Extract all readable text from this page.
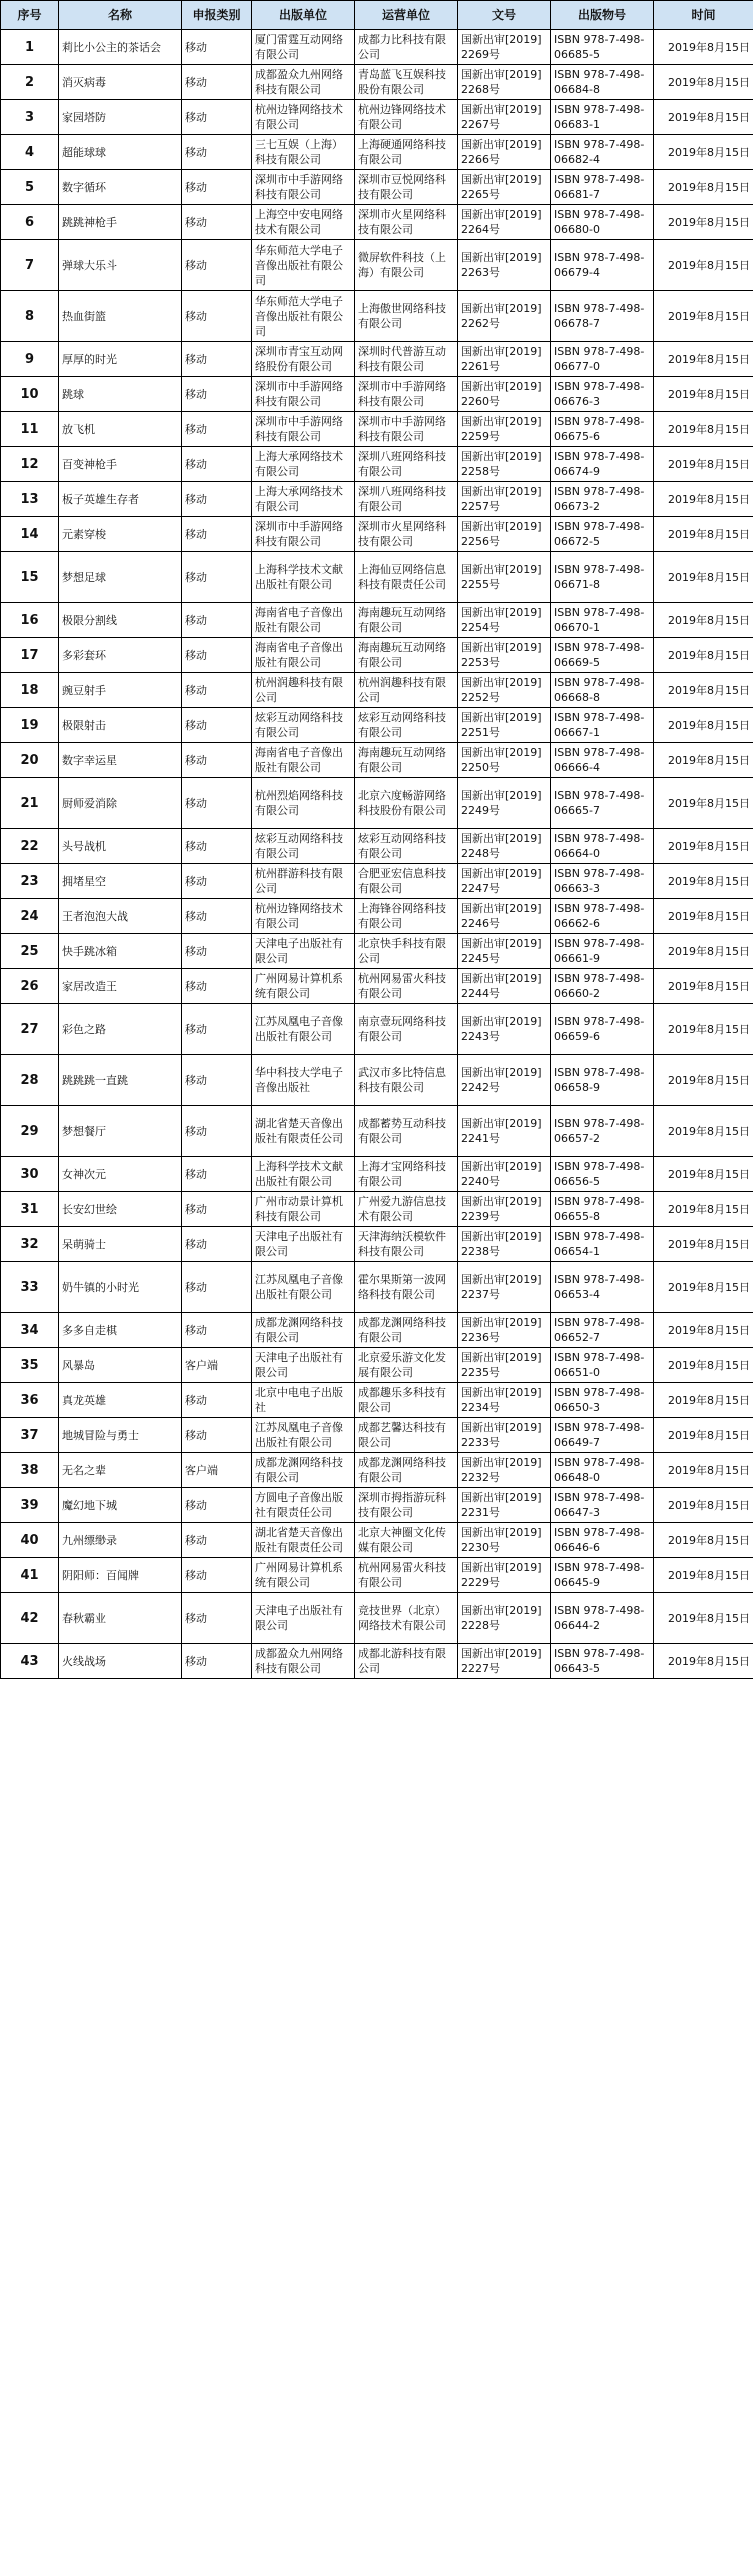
序号	名称	申报类别	出版单位	运营单位	文号	出版物号	时间
1	莉比小公主的茶话会	移动	厦门雷霆互动网络有限公司	成都力比科技有限公司	国新出审[2019]2269号	ISBN 978-7-498-06685-5	2019年8月15日
2	消灭病毒	移动	成都盈众九州网络科技有限公司	青岛蓝飞互娱科技股份有限公司	国新出审[2019]2268号	ISBN 978-7-498-06684-8	2019年8月15日
3	家园塔防	移动	杭州边锋网络技术有限公司	杭州边锋网络技术有限公司	国新出审[2019]2267号	ISBN 978-7-498-06683-1	2019年8月15日
4	超能球球	移动	三七互娱（上海）科技有限公司	上海硬通网络科技有限公司	国新出审[2019]2266号	ISBN 978-7-498-06682-4	2019年8月15日
5	数字循环	移动	深圳市中手游网络科技有限公司	深圳市豆悦网络科技有限公司	国新出审[2019]2265号	ISBN 978-7-498-06681-7	2019年8月15日
6	跳跳神枪手	移动	上海空中安电网络技术有限公司	深圳市火星网络科技有限公司	国新出审[2019]2264号	ISBN 978-7-498-06680-0	2019年8月15日
7	弹球大乐斗	移动	华东师范大学电子音像出版社有限公司	微屏软件科技（上海）有限公司	国新出审[2019]2263号	ISBN 978-7-498-06679-4	2019年8月15日
8	热血街篮	移动	华东师范大学电子音像出版社有限公司	上海傲世网络科技有限公司	国新出审[2019]2262号	ISBN 978-7-498-06678-7	2019年8月15日
9	厚厚的时光	移动	深圳市青宝互动网络股份有限公司	深圳时代普游互动科技有限公司	国新出审[2019]2261号	ISBN 978-7-498-06677-0	2019年8月15日
10	跳球	移动	深圳市中手游网络科技有限公司	深圳市中手游网络科技有限公司	国新出审[2019]2260号	ISBN 978-7-498-06676-3	2019年8月15日
11	放飞机	移动	深圳市中手游网络科技有限公司	深圳市中手游网络科技有限公司	国新出审[2019]2259号	ISBN 978-7-498-06675-6	2019年8月15日
12	百变神枪手	移动	上海大承网络技术有限公司	深圳八班网络科技有限公司	国新出审[2019]2258号	ISBN 978-7-498-06674-9	2019年8月15日
13	板子英雄生存者	移动	上海大承网络技术有限公司	深圳八班网络科技有限公司	国新出审[2019]2257号	ISBN 978-7-498-06673-2	2019年8月15日
14	元素穿梭	移动	深圳市中手游网络科技有限公司	深圳市火星网络科技有限公司	国新出审[2019]2256号	ISBN 978-7-498-06672-5	2019年8月15日
15	梦想足球	移动	上海科学技术文献出版社有限公司	上海仙豆网络信息科技有限责任公司	国新出审[2019]2255号	ISBN 978-7-498-06671-8	2019年8月15日
16	极限分割线	移动	海南省电子音像出版社有限公司	海南趣玩互动网络有限公司	国新出审[2019]2254号	ISBN 978-7-498-06670-1	2019年8月15日
17	多彩套环	移动	海南省电子音像出版社有限公司	海南趣玩互动网络有限公司	国新出审[2019]2253号	ISBN 978-7-498-06669-5	2019年8月15日
18	豌豆射手	移动	杭州润趣科技有限公司	杭州润趣科技有限公司	国新出审[2019]2252号	ISBN 978-7-498-06668-8	2019年8月15日
19	极限射击	移动	炫彩互动网络科技有限公司	炫彩互动网络科技有限公司	国新出审[2019]2251号	ISBN 978-7-498-06667-1	2019年8月15日
20	数字幸运星	移动	海南省电子音像出版社有限公司	海南趣玩互动网络有限公司	国新出审[2019]2250号	ISBN 978-7-498-06666-4	2019年8月15日
21	厨师爱消除	移动	杭州烈焰网络科技有限公司	北京六度畅游网络科技股份有限公司	国新出审[2019]2249号	ISBN 978-7-498-06665-7	2019年8月15日
22	头号战机	移动	炫彩互动网络科技有限公司	炫彩互动网络科技有限公司	国新出审[2019]2248号	ISBN 978-7-498-06664-0	2019年8月15日
23	拥堵星空	移动	杭州群游科技有限公司	合肥亚宏信息科技有限公司	国新出审[2019]2247号	ISBN 978-7-498-06663-3	2019年8月15日
24	王者泡泡大战	移动	杭州边锋网络技术有限公司	上海锋谷网络科技有限公司	国新出审[2019]2246号	ISBN 978-7-498-06662-6	2019年8月15日
25	快手跳冰箱	移动	天津电子出版社有限公司	北京快手科技有限公司	国新出审[2019]2245号	ISBN 978-7-498-06661-9	2019年8月15日
26	家居改造王	移动	广州网易计算机系统有限公司	杭州网易雷火科技有限公司	国新出审[2019]2244号	ISBN 978-7-498-06660-2	2019年8月15日
27	彩色之路	移动	江苏凤凰电子音像出版社有限公司	南京壹玩网络科技有限公司	国新出审[2019]2243号	ISBN 978-7-498-06659-6	2019年8月15日
28	跳跳跳一直跳	移动	华中科技大学电子音像出版社	武汉市多比特信息科技有限公司	国新出审[2019]2242号	ISBN 978-7-498-06658-9	2019年8月15日
29	梦想餐厅	移动	湖北省楚天音像出版社有限责任公司	成都蓄势互动科技有限公司	国新出审[2019]2241号	ISBN 978-7-498-06657-2	2019年8月15日
30	女神次元	移动	上海科学技术文献出版社有限公司	上海才宝网络科技有限公司	国新出审[2019]2240号	ISBN 978-7-498-06656-5	2019年8月15日
31	长安幻世绘	移动	广州市动景计算机科技有限公司	广州爱九游信息技术有限公司	国新出审[2019]2239号	ISBN 978-7-498-06655-8	2019年8月15日
32	呆萌骑士	移动	天津电子出版社有限公司	天津海纳沃模软件科技有限公司	国新出审[2019]2238号	ISBN 978-7-498-06654-1	2019年8月15日
33	奶牛镇的小时光	移动	江苏凤凰电子音像出版社有限公司	霍尔果斯第一波网络科技有限公司	国新出审[2019]2237号	ISBN 978-7-498-06653-4	2019年8月15日
34	多多自走棋	移动	成都龙渊网络科技有限公司	成都龙渊网络科技有限公司	国新出审[2019]2236号	ISBN 978-7-498-06652-7	2019年8月15日
35	风暴岛	客户端	天津电子出版社有限公司	北京爱乐游文化发展有限公司	国新出审[2019]2235号	ISBN 978-7-498-06651-0	2019年8月15日
36	真龙英雄	移动	北京中电电子出版社	成都趣乐多科技有限公司	国新出审[2019]2234号	ISBN 978-7-498-06650-3	2019年8月15日
37	地城冒险与勇士	移动	江苏凤凰电子音像出版社有限公司	成都艺馨达科技有限公司	国新出审[2019]2233号	ISBN 978-7-498-06649-7	2019年8月15日
38	无名之辈	客户端	成都龙渊网络科技有限公司	成都龙渊网络科技有限公司	国新出审[2019]2232号	ISBN 978-7-498-06648-0	2019年8月15日
39	魔幻地下城	移动	方圆电子音像出版社有限责任公司	深圳市拇指游玩科技有限公司	国新出审[2019]2231号	ISBN 978-7-498-06647-3	2019年8月15日
40	九州缥缈录	移动	湖北省楚天音像出版社有限责任公司	北京大神圈文化传媒有限公司	国新出审[2019]2230号	ISBN 978-7-498-06646-6	2019年8月15日
41	阴阳师：百闻牌	移动	广州网易计算机系统有限公司	杭州网易雷火科技有限公司	国新出审[2019]2229号	ISBN 978-7-498-06645-9	2019年8月15日
42	春秋霸业	移动	天津电子出版社有限公司	竞技世界（北京）网络技术有限公司	国新出审[2019]2228号	ISBN 978-7-498-06644-2	2019年8月15日
43	火线战场	移动	成都盈众九州网络科技有限公司	成都北游科技有限公司	国新出审[2019]2227号	ISBN 978-7-498-06643-5	2019年8月15日
